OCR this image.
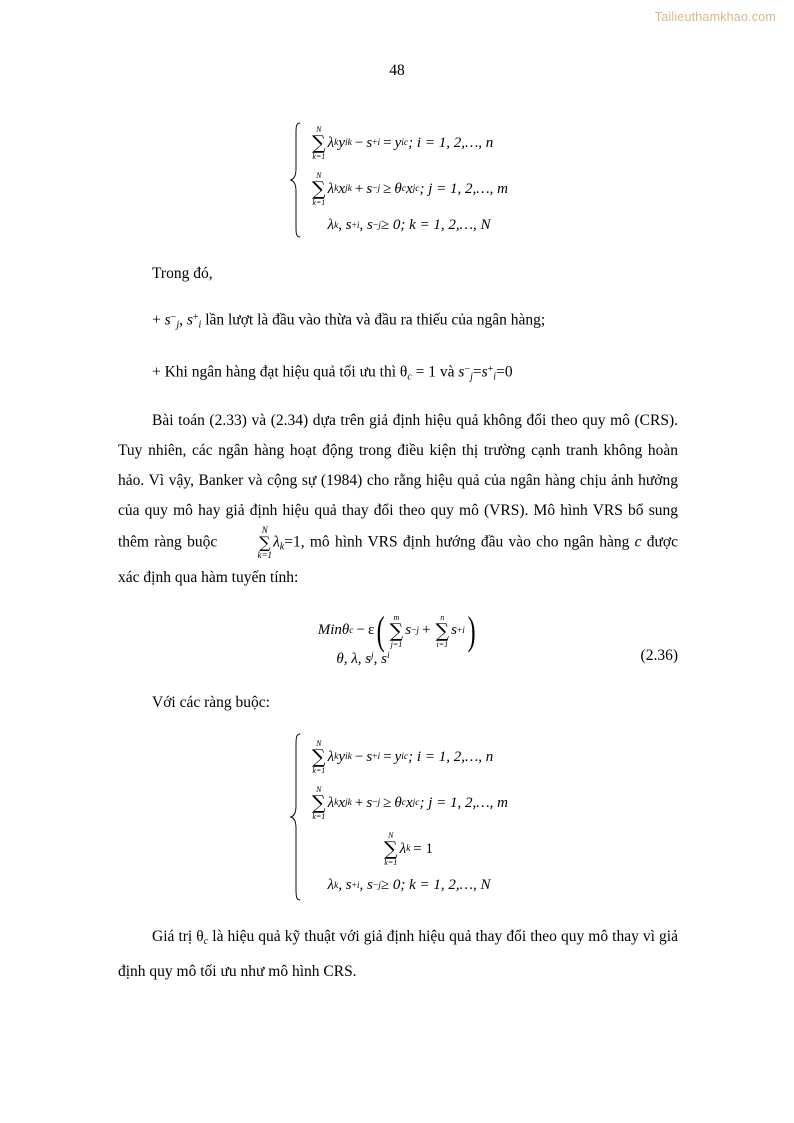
Tailieuthamkhao.com
48
N
∑
k=1
λ k y ik − s + i = y ic ; i = 1, 2,…, n
N
∑
k=1
λ k x jk + s − j ≥ θ c x jc ; j = 1, 2,…, m
λ k , s + i , s − j ≥ 0; k = 1, 2,…, N

Trong đó,

+ s−j, s+i lần lượt là đầu vào thừa và đầu ra thiếu của ngân hàng;

+ Khi ngân hàng đạt hiệu quả tối ưu thì θc = 1 và s−j=s+i=0

Bài toán (2.33) và (2.34) dựa trên giả định hiệu quả không đổi theo quy mô (CRS). Tuy nhiên, các ngân hàng hoạt động trong điều kiện thị trường cạnh tranh không hoàn hảo. Vì vậy, Banker và cộng sự (1984) cho rằng hiệu quả của ngân hàng chịu ảnh hưởng của quy mô hay giả định hiệu quả thay đổi theo quy mô (VRS). Mô hình VRS bổ sung thêm ràng buộc
N
∑
k=1
λk=1, mô hình VRS định hướng đầu vào cho ngân hàng c được xác định qua hàm tuyến tính:

Min θ c − ε ( m
∑
j=1
s − j +
n
∑
i=1
s + i )
θ, λ, s j , s i	(2.36)

Với các ràng buộc:

N
∑
k=1
λ k y ik − s + i = y ic ; i = 1, 2,…, n
N
∑
k=1
λ k x jk + s − j ≥ θ c x jc ; j = 1, 2,…, m
N
∑
k=1
λ k = 1
λ k , s + i , s − j ≥ 0; k = 1, 2,…, N

Giá trị θc là hiệu quả kỹ thuật với giả định hiệu quả thay đổi theo quy mô thay vì giả định quy mô tối ưu như mô hình CRS.
